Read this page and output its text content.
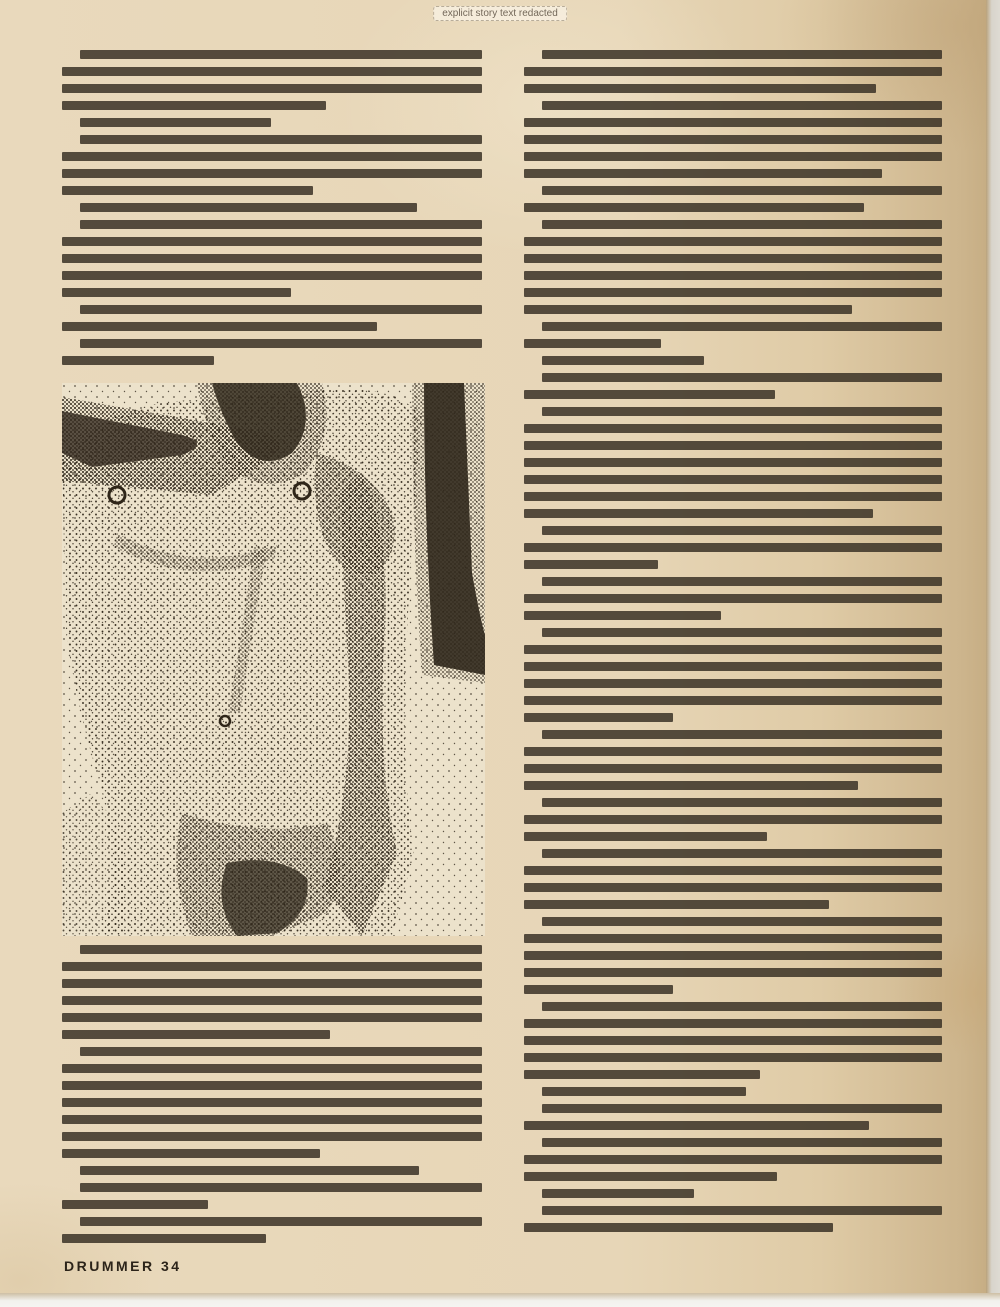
explicit story text redacted
DRUMMER 34
